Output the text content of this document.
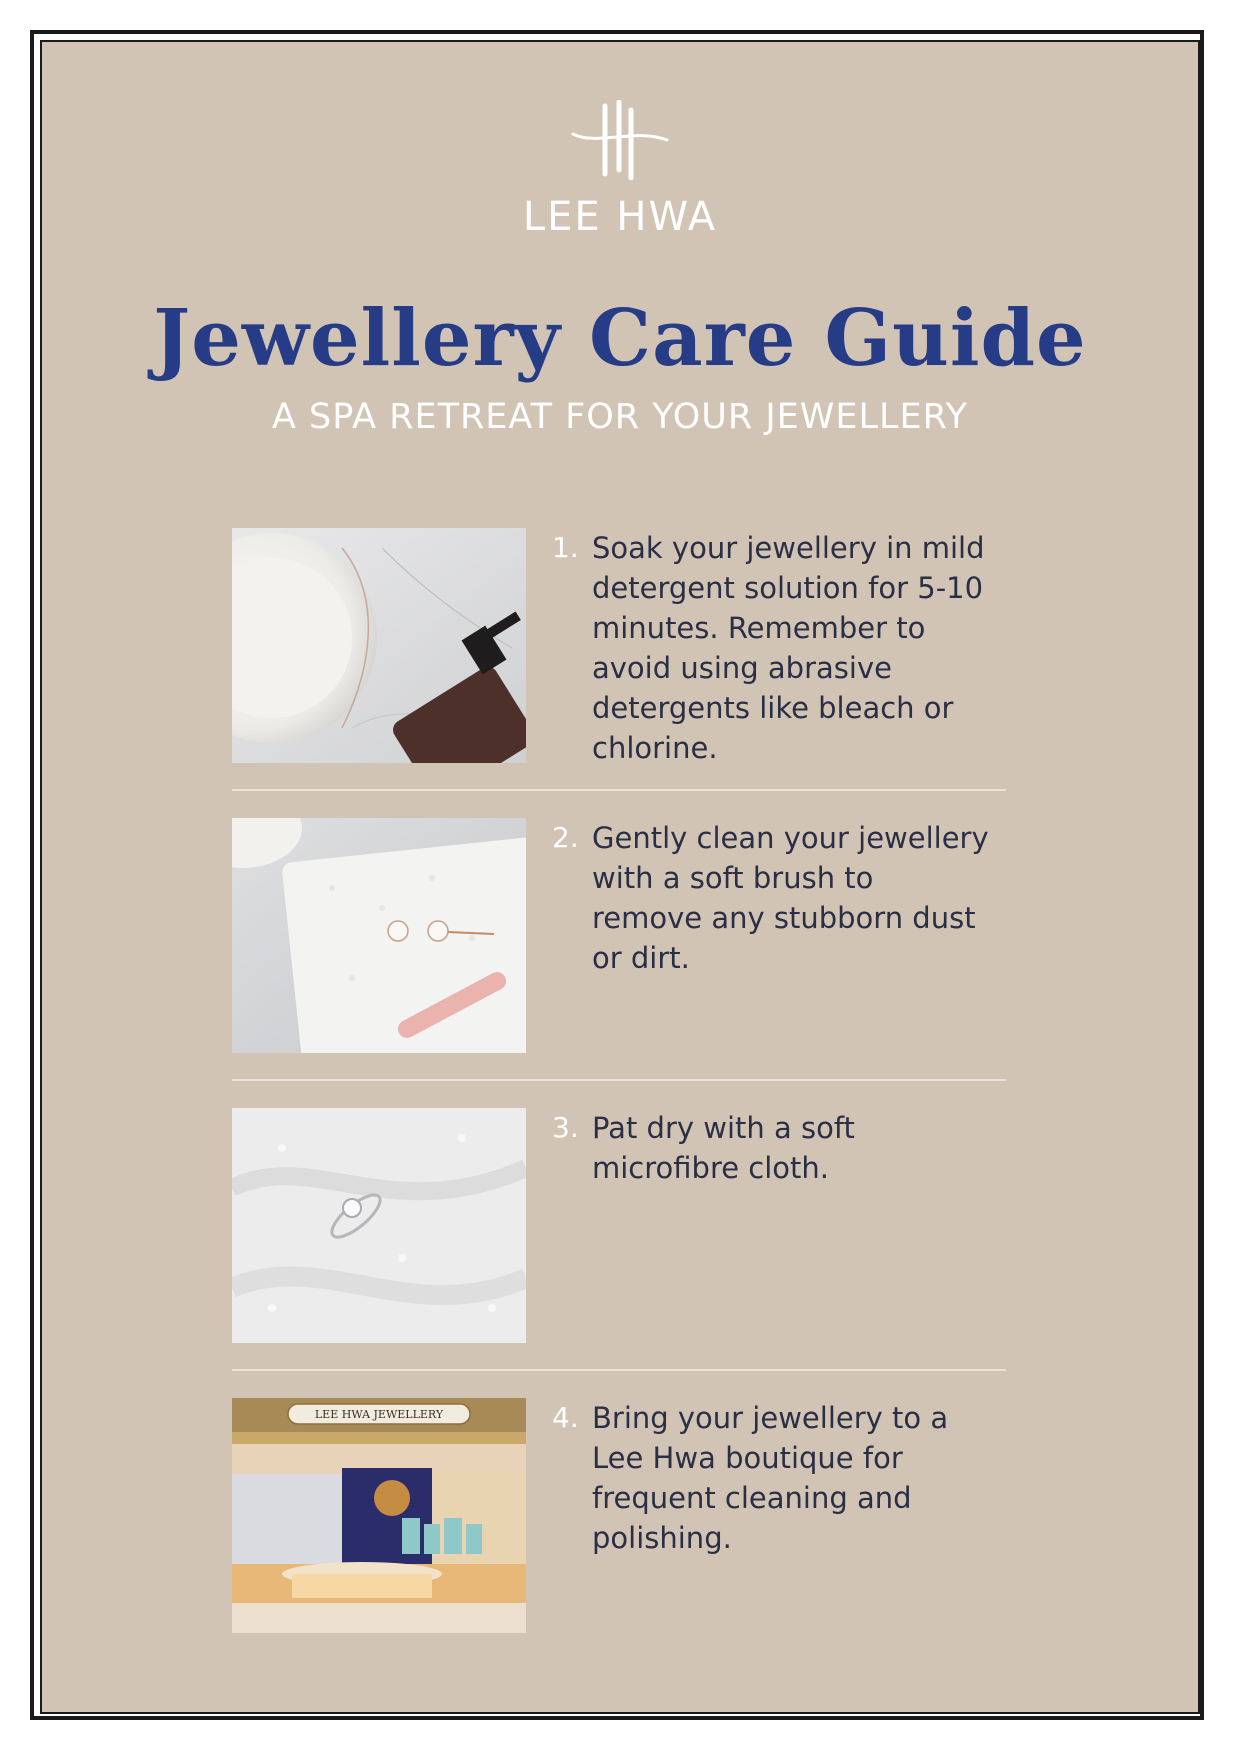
LEE HWA
Jewellery Care Guide
A SPA RETREAT FOR YOUR JEWELLERY
1. Soak your jewellery in mild detergent solution for 5-10 minutes. Remember to avoid using abrasive detergents like bleach or chlorine.
2. Gently clean your jewellery with a soft brush to remove any stubborn dust or dirt.
3. Pat dry with a soft microfibre cloth.
LEE HWA JEWELLERY	4. Bring your jewellery to a Lee Hwa boutique for frequent cleaning and polishing.
